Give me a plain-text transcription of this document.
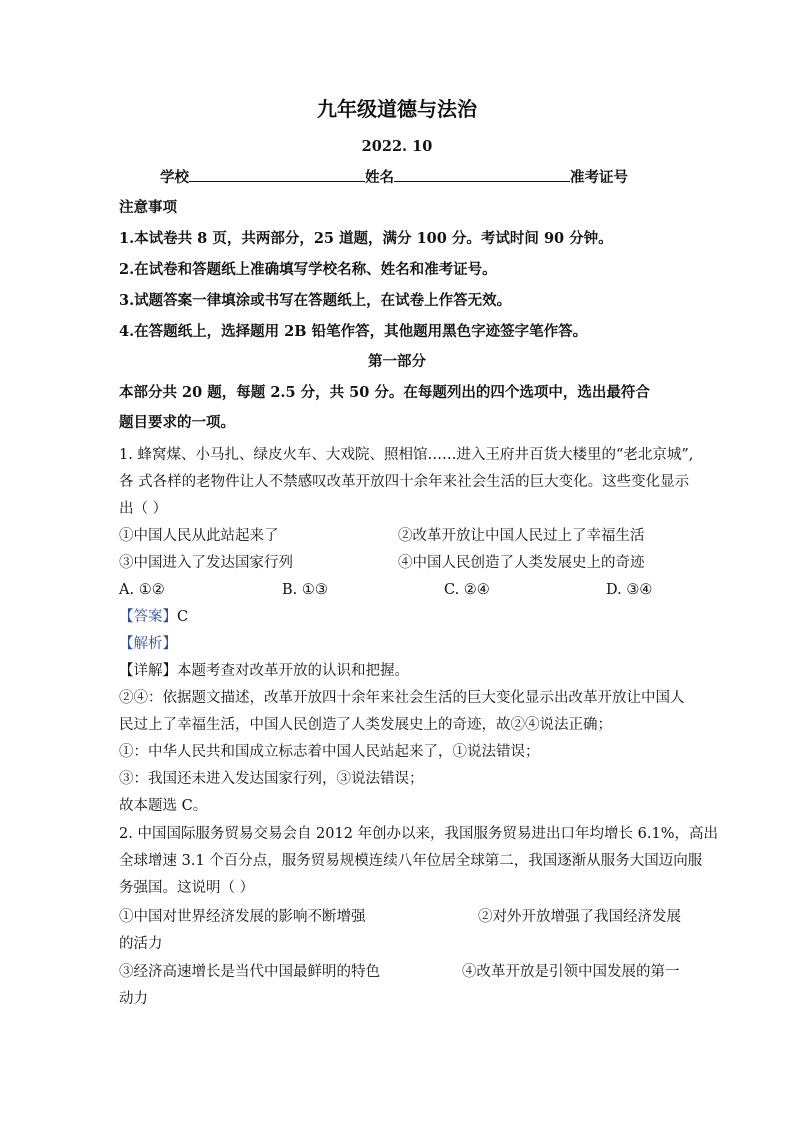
九年级道德与法治
2022. 10
学校	姓名	准考证号
注意事项
1.本试卷共 8 页，共两部分，25 道题，满分 100 分。考试时间 90 分钟。
2.在试卷和答题纸上准确填写学校名称、姓名和准考证号。
3.试题答案一律填涂或书写在答题纸上，在试卷上作答无效。
4.在答题纸上，选择题用 2B 铅笔作答，其他题用黑色字迹签字笔作答。
第一部分
本部分共 20 题，每题 2.5 分，共 50 分。在每题列出的四个选项中，选出最符合
题目要求的一项。
1. 蜂窝煤、小马扎、绿皮火车、大戏院、照相馆……进入王府井百货大楼里的“老北京城”,
各 式各样的老物件让人不禁感叹改革开放四十余年来社会生活的巨大变化。这些变化显示
出（ ）
①中国人民从此站起来了	②改革开放让中国人民过上了幸福生活
③中国进入了发达国家行列	④中国人民创造了人类发展史上的奇迹
A. ①②	B. ①③	C. ②④	D. ③④
【答案】C
【解析】
【详解】本题考查对改革开放的认识和把握。
②④：依据题文描述，改革开放四十余年来社会生活的巨大变化显示出改革开放让中国人
民过上了幸福生活，中国人民创造了人类发展史上的奇迹，故②④说法正确；
①：中华人民共和国成立标志着中国人民站起来了，①说法错误；
③：我国还未进入发达国家行列，③说法错误；
故本题选 C。
2. 中国国际服务贸易交易会自 2012 年创办以来，我国服务贸易进出口年均增长 6.1%，高出
全球增速 3.1 个百分点，服务贸易规模连续八年位居全球第二，我国逐渐从服务大国迈向服
务强国。这说明（ ）
①中国对世界经济发展的影响不断增强	②对外开放增强了我国经济发展
的活力
③经济高速增长是当代中国最鲜明的特色	④改革开放是引领中国发展的第一
动力
